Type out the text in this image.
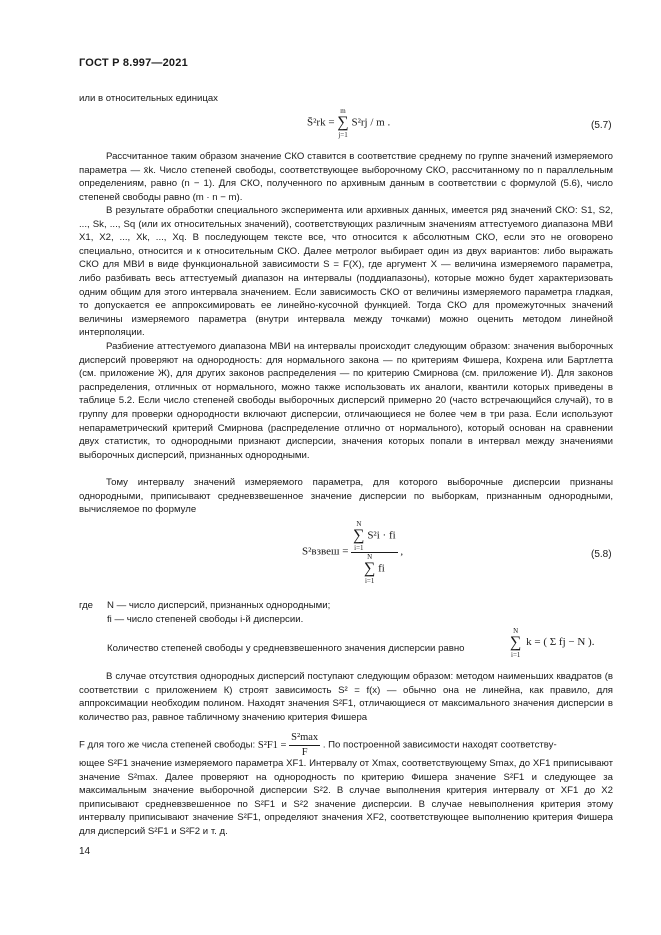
ГОСТ Р 8.997—2021

или в относительных единицах

S̄²rk =
m
∑
j=1
S²rj / m .	(5.7)

Рассчитанное таким образом значение СКО ставится в соответствие среднему по группе значений измеряемого параметра — x̄k. Число степеней свободы, соответствующее выборочному СКО, рассчитанному по n параллельным определениям, равно (n − 1). Для СКО, полученного по архивным данным в соответствии с формулой (5.6), число степеней свободы равно (m · n − m).

В результате обработки специального эксперимента или архивных данных, имеется ряд значений СКО: S1, S2, ..., Sk, ..., Sq (или их относительных значений), соответствующих различным значениям аттестуемого диапазона МВИ X1, X2, ..., Xk, ..., Xq. В последующем тексте все, что относится к абсолютным СКО, если это не оговорено специально, относится и к относительным СКО. Далее метролог выбирает один из двух вариантов: либо выражать СКО для МВИ в виде функциональной зависимости S = F(X), где аргумент X — величина измеряемого параметра, либо разбивать весь аттестуемый диапазон на интервалы (поддиапазоны), которые можно будет характеризовать одним общим для этого интервала значением. Если зависимость СКО от величины измеряемого параметра гладкая, то допускается ее аппроксимировать ее линейно-кусочной функцией. Тогда СКО для промежуточных значений величины измеряемого параметра (внутри интервала между точками) можно оценить методом линейной интерполяции.

Разбиение аттестуемого диапазона МВИ на интервалы происходит следующим образом: значения выборочных дисперсий проверяют на однородность: для нормального закона — по критериям Фишера, Кохрена или Бартлетта (см. приложение Ж), для других законов распределения — по критерию Смирнова (см. приложение И). Для законов распределения, отличных от нормального, можно также использовать их аналоги, квантили которых приведены в таблице 5.2. Если число степеней свободы выборочных дисперсий примерно 20 (часто встречающийся случай), то в группу для проверки однородности включают дисперсии, отличающиеся не более чем в три раза. Если используют непараметрический критерий Смирнова (распределение отлично от нормального), который основан на сравнении двух статистик, то однородными признают дисперсии, значения которых попали в интервал между значениями выборочных дисперсий, признанных однородными.

Тому интервалу значений измеряемого параметра, для которого выборочные дисперсии признаны однородными, приписывают средневзвешенное значение дисперсии по выборкам, признанным однородными, вычисляемое по формуле

S²взвеш = N
∑
i=1
S²i · fi
N
∑
i=1
fi ,	(5.8)
где N — число дисперсий, признанных однородными;
fi — число степеней свободы i-й дисперсии.
Количество степеней свободы у средневзвешенного значения дисперсии равно
N
∑
i=1
k = ( Σ fj − N ).

В случае отсутствия однородных дисперсий поступают следующим образом: методом наименьших квадратов (в соответствии с приложением К) строят зависимость S² = f(x) — обычно она не линейна, как правило, для аппроксимации необходим полином. Находят значения S²F1, отличающиеся от максимального значения дисперсии в количество раз, равное табличному значению критерия Фишера

F для того же числа степеней свободы: $S^2F1 = \frac{\text{S²max}}{F}$ . По построенной зависимости находят соответству-

ющее S²F1 значение измеряемого параметра XF1. Интервалу от Xmax, соответствующему Smax, до XF1 приписывают значение S²max. Далее проверяют на однородность по критерию Фишера значение S²F1 и следующее за максимальным значение выборочной дисперсии S²2. В случае выполнения критерия интервалу от XF1 до X2 приписывают средневзвешенное по S²F1 и S²2 значение дисперсии. В случае невыполнения критерия этому интервалу приписывают значение S²F1, определяют значения XF2, соответствующее выполнению критерия Фишера для дисперсий S²F1 и S²F2 и т. д.

14
